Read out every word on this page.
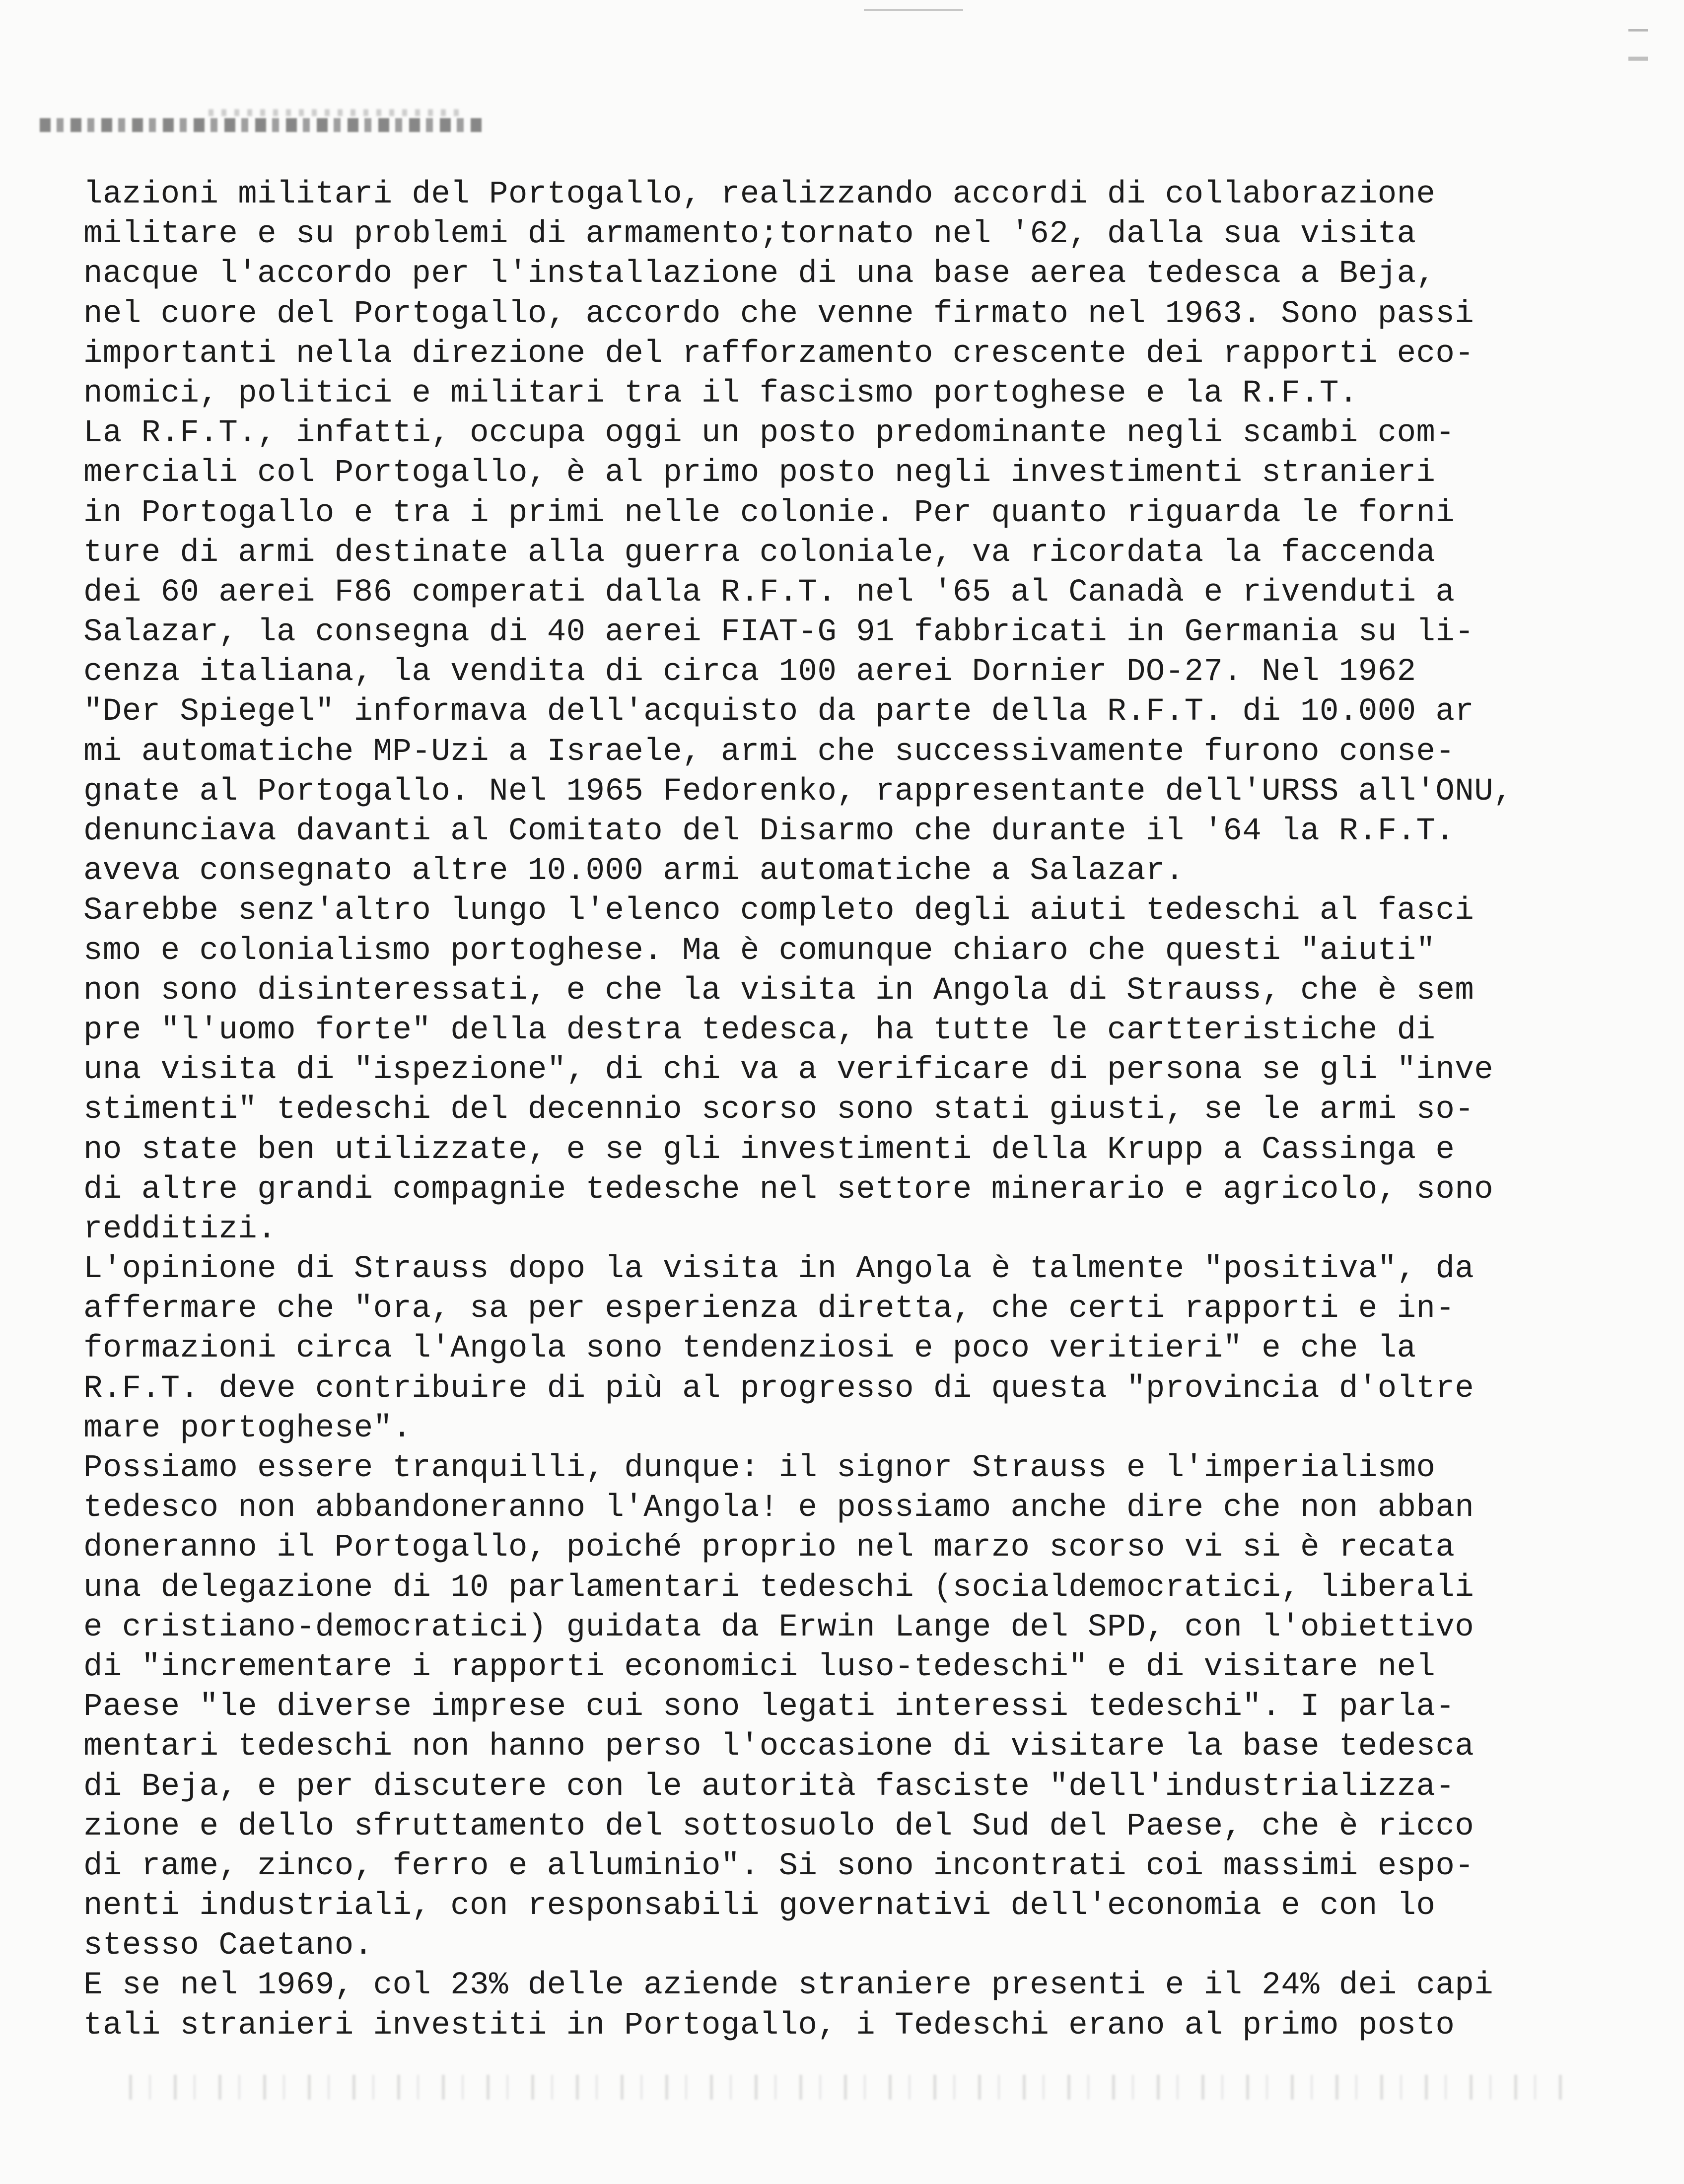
lazioni militari del Portogallo, realizzando accordi di collaborazione
militare e su problemi di armamento;tornato nel '62, dalla sua visita
nacque l'accordo per l'installazione di una base aerea tedesca a Beja,
nel cuore del Portogallo, accordo che venne firmato nel 1963. Sono passi
importanti nella direzione del rafforzamento crescente dei rapporti eco-
nomici, politici e militari tra il fascismo portoghese e la R.F.T.
La R.F.T., infatti, occupa oggi un posto predominante negli scambi com-
merciali col Portogallo, è al primo posto negli investimenti stranieri
in Portogallo e tra i primi nelle colonie. Per quanto riguarda le forni
ture di armi destinate alla guerra coloniale, va ricordata la faccenda
dei 60 aerei F86 comperati dalla R.F.T. nel '65 al Canadà e rivenduti a
Salazar, la consegna di 40 aerei FIAT-G 91 fabbricati in Germania su li-
cenza italiana, la vendita di circa 100 aerei Dornier DO-27. Nel 1962
"Der Spiegel" informava dell'acquisto da parte della R.F.T. di 10.000 ar
mi automatiche MP-Uzi a Israele, armi che successivamente furono conse-
gnate al Portogallo. Nel 1965 Fedorenko, rappresentante dell'URSS all'ONU,
denunciava davanti al Comitato del Disarmo che durante il '64 la R.F.T.
aveva consegnato altre 10.000 armi automatiche a Salazar.
Sarebbe senz'altro lungo l'elenco completo degli aiuti tedeschi al fasci
smo e colonialismo portoghese. Ma è comunque chiaro che questi "aiuti"
non sono disinteressati, e che la visita in Angola di Strauss, che è sem
pre "l'uomo forte" della destra tedesca, ha tutte le cartteristiche di
una visita di "ispezione", di chi va a verificare di persona se gli "inve
stimenti" tedeschi del decennio scorso sono stati giusti, se le armi so-
no state ben utilizzate, e se gli investimenti della Krupp a Cassinga e
di altre grandi compagnie tedesche nel settore minerario e agricolo, sono
redditizi.
L'opinione di Strauss dopo la visita in Angola è talmente "positiva", da
affermare che "ora, sa per esperienza diretta, che certi rapporti e in-
formazioni circa l'Angola sono tendenziosi e poco veritieri" e che la
R.F.T. deve contribuire di più al progresso di questa "provincia d'oltre
mare portoghese".
Possiamo essere tranquilli, dunque: il signor Strauss e l'imperialismo
tedesco non abbandoneranno l'Angola! e possiamo anche dire che non abban
doneranno il Portogallo, poiché proprio nel marzo scorso vi si è recata
una delegazione di 10 parlamentari tedeschi (socialdemocratici, liberali
e cristiano-democratici) guidata da Erwin Lange del SPD, con l'obiettivo
di "incrementare i rapporti economici luso-tedeschi" e di visitare nel
Paese "le diverse imprese cui sono legati interessi tedeschi". I parla-
mentari tedeschi non hanno perso l'occasione di visitare la base tedesca
di Beja, e per discutere con le autorità fasciste "dell'industrializza-
zione e dello sfruttamento del sottosuolo del Sud del Paese, che è ricco
di rame, zinco, ferro e alluminio". Si sono incontrati coi massimi espo-
nenti industriali, con responsabili governativi dell'economia e con lo
stesso Caetano.
E se nel 1969, col 23% delle aziende straniere presenti e il 24% dei capi
tali stranieri investiti in Portogallo, i Tedeschi erano al primo posto
